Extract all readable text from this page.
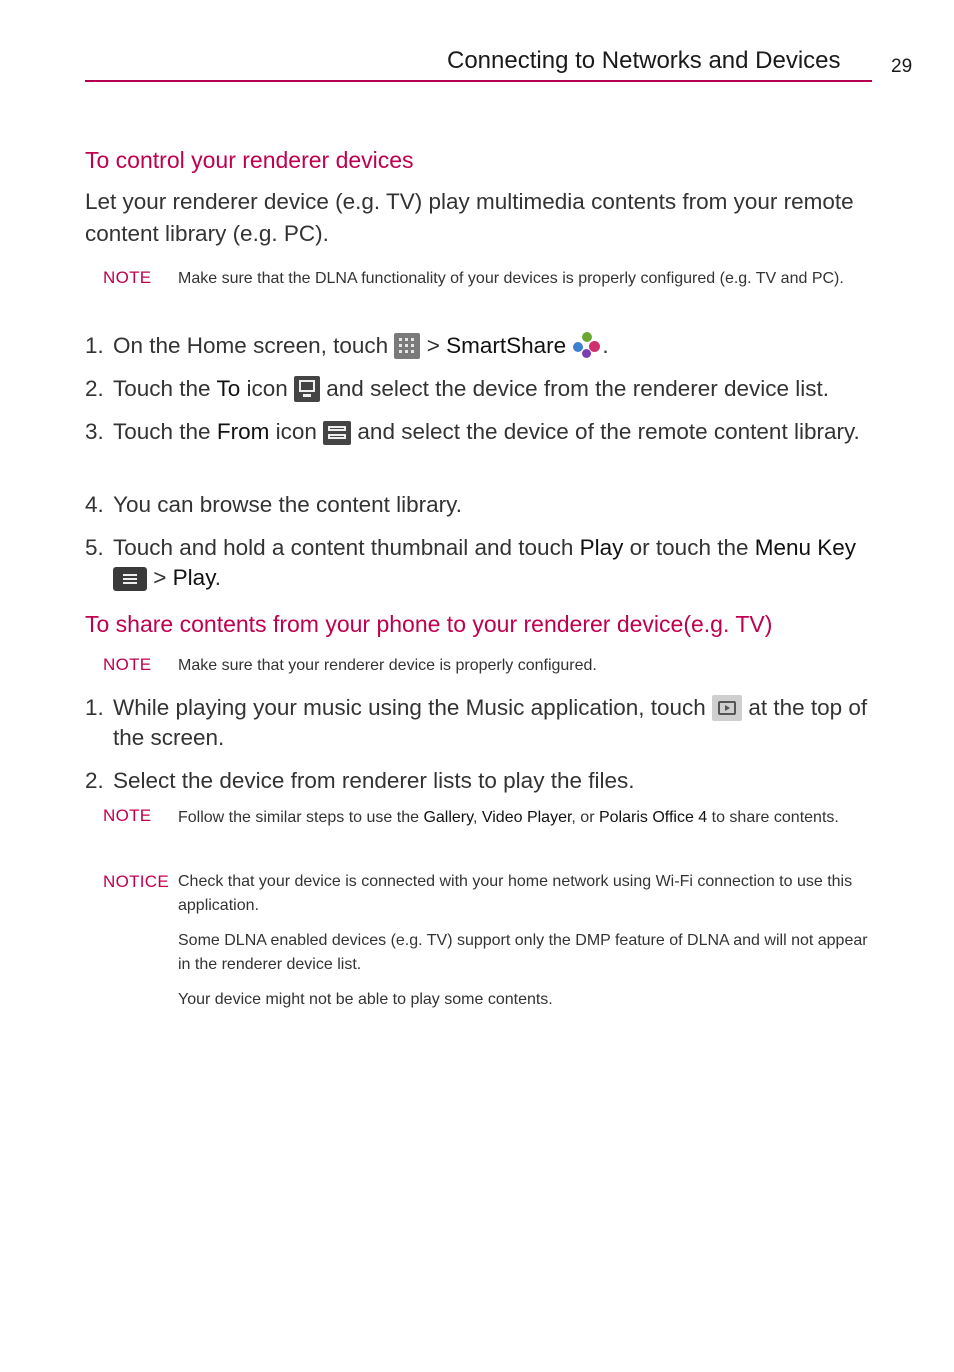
Connecting to Networks and Devices	29
To control your renderer devices
Let your renderer device (e.g. TV) play multimedia contents from your remote content library (e.g. PC).
NOTE Make sure that the DLNA functionality of your devices is properly configured (e.g. TV and PC).
1. On the Home screen, touch > SmartShare .
2. Touch the To icon and select the device from the renderer device list.
3. Touch the From icon and select the device of the remote content library.
4. You can browse the content library.
5. Touch and hold a content thumbnail and touch Play or touch the Menu Key
> Play.
To share contents from your phone to your renderer device(e.g. TV)
NOTE Make sure that your renderer device is properly configured.
1. While playing your music using the Music application, touch at the top of the screen.
2. Select the device from renderer lists to play the files.
NOTE Follow the similar steps to use the Gallery, Video Player, or Polaris Office 4 to share contents.
NOTICE Check that your device is connected with your home network using Wi-Fi connection to use this application.
Some DLNA enabled devices (e.g. TV) support only the DMP feature of DLNA and will not appear in the renderer device list.
Your device might not be able to play some contents.
